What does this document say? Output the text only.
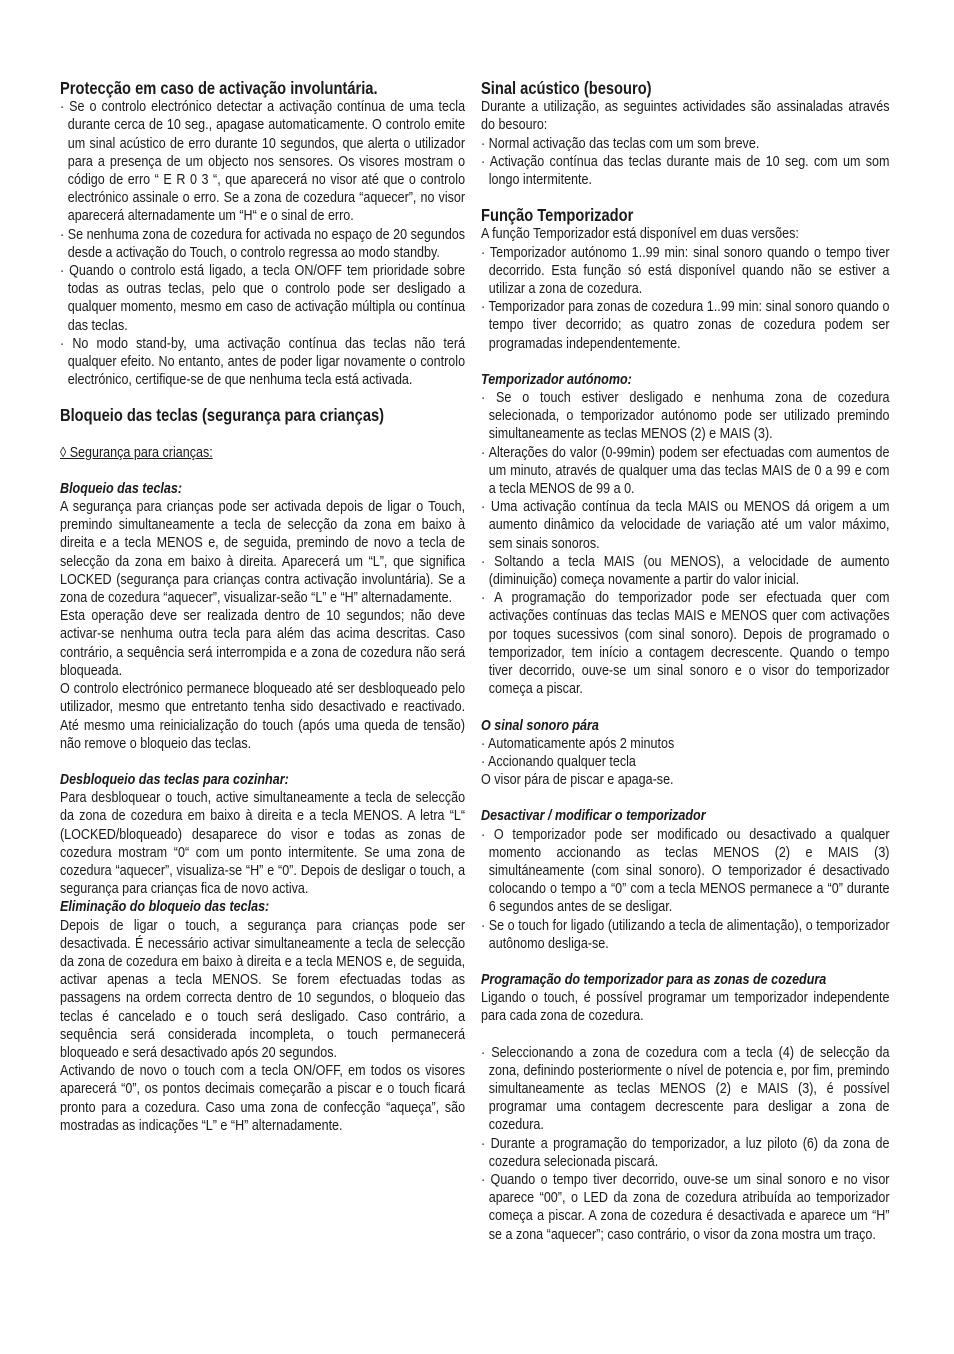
Protecção em caso de activação involuntária.

· Se o controlo electrónico detectar a activação contínua de uma tecla durante cerca de 10 seg., apagase automaticamente. O controlo emite um sinal acústico de erro durante 10 segundos, que alerta o utilizador para a presença de um objecto nos sensores. Os visores mostram o código de erro “ E R 0 3 “, que aparecerá no visor até que o controlo electrónico assinale o erro. Se a zona de cozedura “aquecer”, no visor aparecerá alternadamente um “H“ e o sinal de erro.

· Se nenhuma zona de cozedura for activada no espaço de 20 segundos desde a activação do Touch, o controlo regressa ao modo standby.

· Quando o controlo está ligado, a tecla ON/OFF tem prioridade sobre todas as outras teclas, pelo que o controlo pode ser desligado a qualquer momento, mesmo em caso de activação múltipla ou contínua das teclas.

· No modo stand-by, uma activação contínua das teclas não terá qualquer efeito. No entanto, antes de poder ligar novamente o controlo electrónico, certifique-se de que nenhuma tecla está activada.

Bloqueio das teclas (segurança para crianças)

◊ Segurança para crianças:

Bloqueio das teclas:

A segurança para crianças pode ser activada depois de ligar o Touch, premindo simultaneamente a tecla de selecção da zona em baixo à direita e a tecla MENOS e, de seguida, premindo de novo a tecla de selecção da zona em baixo à direita. Aparecerá um “L”, que significa LOCKED (segurança para crianças contra activação involuntária). Se a zona de cozedura “aquecer”, visualizar-seão “L” e “H” alternadamente.

Esta operação deve ser realizada dentro de 10 segundos; não deve activar-se nenhuma outra tecla para além das acima descritas. Caso contrário, a sequência será interrompida e a zona de cozedura não será bloqueada.

O controlo electrónico permanece bloqueado até ser desbloqueado pelo utilizador, mesmo que entretanto tenha sido desactivado e reactivado. Até mesmo uma reinicialização do touch (após uma queda de tensão) não remove o bloqueio das teclas.

Desbloqueio das teclas para cozinhar:

Para desbloquear o touch, active simultaneamente a tecla de selecção da zona de cozedura em baixo à direita e a tecla MENOS. A letra “L“ (LOCKED/bloqueado) desaparece do visor e todas as zonas de cozedura mostram “0“ com um ponto intermitente. Se uma zona de cozedura “aquecer”, visualiza-se “H” e “0”. Depois de desligar o touch, a segurança para crianças fica de novo activa.

Eliminação do bloqueio das teclas:

Depois de ligar o touch, a segurança para crianças pode ser desactivada. É necessário activar simultaneamente a tecla de selecção da zona de cozedura em baixo à direita e a tecla MENOS e, de seguida, activar apenas a tecla MENOS. Se forem efectuadas todas as passagens na ordem correcta dentro de 10 segundos, o bloqueio das teclas é cancelado e o touch será desligado. Caso contrário, a sequência será considerada incompleta, o touch permanecerá bloqueado e será desactivado após 20 segundos.

Activando de novo o touch com a tecla ON/OFF, em todos os visores aparecerá “0”, os pontos decimais começarão a piscar e o touch ficará pronto para a cozedura. Caso uma zona de confecção “aqueça”, são mostradas as indicações “L” e “H” alternadamente.

Sinal acústico (besouro)

Durante a utilização, as seguintes actividades são assinaladas através do besouro:

· Normal activação das teclas com um som breve.

· Activação contínua das teclas durante mais de 10 seg. com um som longo intermitente.

Função Temporizador

A função Temporizador está disponível em duas versões:

· Temporizador autónomo 1..99 min: sinal sonoro quando o tempo tiver decorrido. Esta função só está disponível quando não se estiver a utilizar a zona de cozedura.

· Temporizador para zonas de cozedura 1..99 min: sinal sonoro quando o tempo tiver decorrido; as quatro zonas de cozedura podem ser programadas independentemente.

Temporizador autónomo:

· Se o touch estiver desligado e nenhuma zona de cozedura selecionada, o temporizador autónomo pode ser utilizado premindo simultaneamente as teclas MENOS (2) e MAIS (3).

· Alterações do valor (0-99min) podem ser efectuadas com aumentos de um minuto, através de qualquer uma das teclas MAIS de 0 a 99 e com a tecla MENOS de 99 a 0.

· Uma activação contínua da tecla MAIS ou MENOS dá origem a um aumento dinâmico da velocidade de variação até um valor máximo, sem sinais sonoros.

· Soltando a tecla MAIS (ou MENOS), a velocidade de aumento (diminuição) começa novamente a partir do valor inicial.

· A programação do temporizador pode ser efectuada quer com activações contínuas das teclas MAIS e MENOS quer com activações por toques sucessivos (com sinal sonoro). Depois de programado o temporizador, tem início a contagem decrescente. Quando o tempo tiver decorrido, ouve-se um sinal sonoro e o visor do temporizador começa a piscar.

O sinal sonoro pára

· Automaticamente após 2 minutos

· Accionando qualquer tecla

O visor pára de piscar e apaga-se.

Desactivar / modificar o temporizador

· O temporizador pode ser modificado ou desactivado a qualquer momento accionando as teclas MENOS (2) e MAIS (3) simultáneamente (com sinal sonoro). O temporizador é desactivado colocando o tempo a “0” com a tecla MENOS permanece a “0” durante 6 segundos antes de se desligar.

· Se o touch for ligado (utilizando a tecla de alimentação), o temporizador autônomo desliga-se.

Programação do temporizador para as zonas de cozedura

Ligando o touch, é possível programar um temporizador independente para cada zona de cozedura.

· Seleccionando a zona de cozedura com a tecla (4) de selecção da zona, definindo posteriormente o nível de potencia e, por fim, premindo simultaneamente as teclas MENOS (2) e MAIS (3), é possível programar uma contagem decrescente para desligar a zona de cozedura.

· Durante a programação do temporizador, a luz piloto (6) da zona de cozedura selecionada piscará.

· Quando o tempo tiver decorrido, ouve-se um sinal sonoro e no visor aparece “00”, o LED da zona de cozedura atribuída ao temporizador começa a piscar. A zona de cozedura é desactivada e aparece um “H” se a zona “aquecer”; caso contrário, o visor da zona mostra um traço.
